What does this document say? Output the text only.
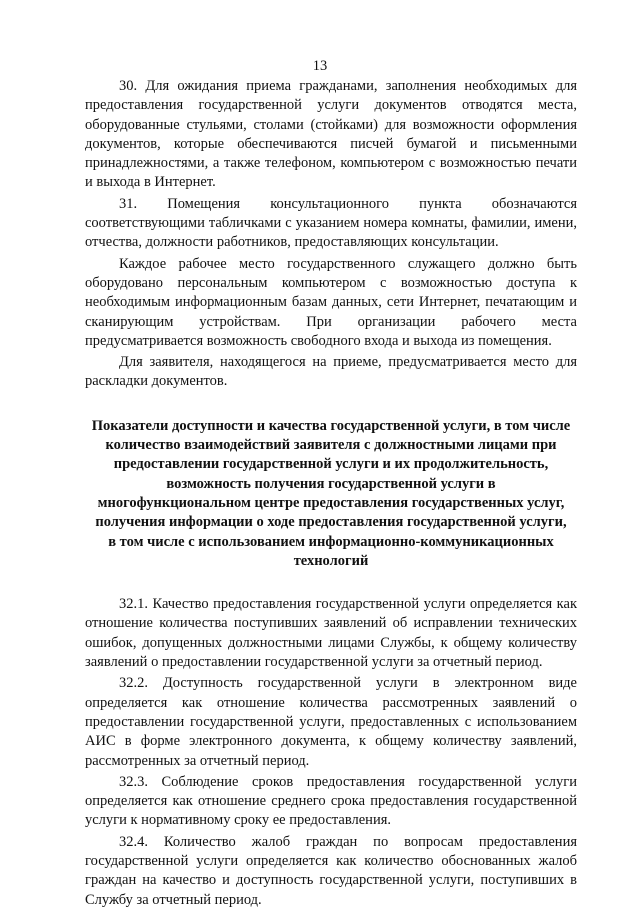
13

30. Для ожидания приема гражданами, заполнения необходимых для предоставления государственной услуги документов отводятся места, оборудованные стульями, столами (стойками) для возможности оформления документов, которые обеспечиваются писчей бумагой и письменными принадлежностями, а также телефоном, компьютером с возможностью печати и выхода в Интернет.

31. Помещения консультационного пункта обозначаются соответствующими табличками с указанием номера комнаты, фамилии, имени, отчества, должности работников, предоставляющих консультации.

Каждое рабочее место государственного служащего должно быть оборудовано персональным компьютером с возможностью доступа к необходимым информационным базам данных, сети Интернет, печатающим и сканирующим устройствам. При организации рабочего места предусматривается возможность свободного входа и выхода из помещения.

Для заявителя, находящегося на приеме, предусматривается место для раскладки документов.

Показатели доступности и качества государственной услуги, в том числе количество взаимодействий заявителя с должностными лицами при предоставлении государственной услуги и их продолжительность, возможность получения государственной услуги в многофункциональном центре предоставления государственных услуг, получения информации о ходе предоставления государственной услуги, в том числе с использованием информационно-коммуникационных технологий

32.1. Качество предоставления государственной услуги определяется как отношение количества поступивших заявлений об исправлении технических ошибок, допущенных должностными лицами Службы, к общему количеству заявлений о предоставлении государственной услуги за отчетный период.

32.2. Доступность государственной услуги в электронном виде определяется как отношение количества рассмотренных заявлений о предоставлении государственной услуги, предоставленных с использованием АИС в форме электронного документа, к общему количеству заявлений, рассмотренных за отчетный период.

32.3. Соблюдение сроков предоставления государственной услуги определяется как отношение среднего срока предоставления государственной услуги к нормативному сроку ее предоставления.

32.4. Количество жалоб граждан по вопросам предоставления государственной услуги определяется как количество обоснованных жалоб граждан на качество и доступность государственной услуги, поступивших в Службу за отчетный период.
